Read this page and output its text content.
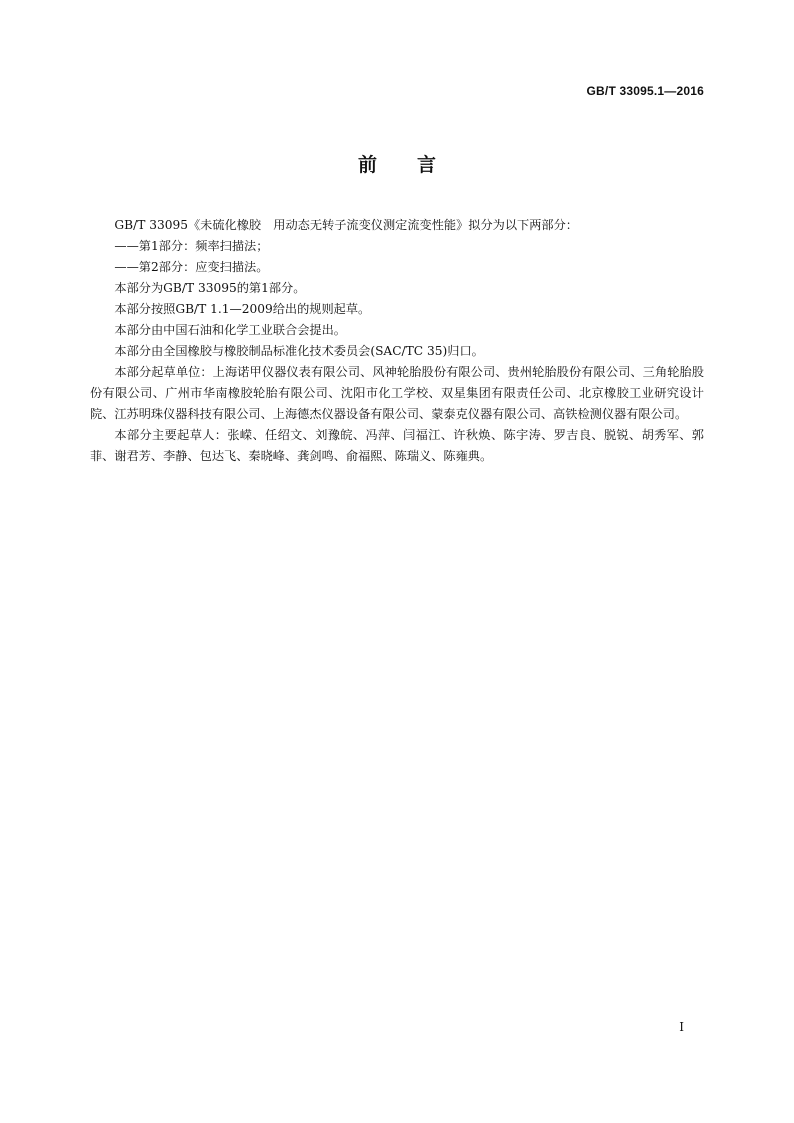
GB/T 33095.1—2016
前言

GB/T 33095《未硫化橡胶　用动态无转子流变仪测定流变性能》拟分为以下两部分：

——第1部分：频率扫描法；

——第2部分：应变扫描法。

本部分为GB/T 33095的第1部分。

本部分按照GB/T 1.1—2009给出的规则起草。

本部分由中国石油和化学工业联合会提出。

本部分由全国橡胶与橡胶制品标准化技术委员会(SAC/TC 35)归口。

本部分起草单位：上海诺甲仪器仪表有限公司、风神轮胎股份有限公司、贵州轮胎股份有限公司、三角轮胎股份有限公司、广州市华南橡胶轮胎有限公司、沈阳市化工学校、双星集团有限责任公司、北京橡胶工业研究设计院、江苏明珠仪器科技有限公司、上海德杰仪器设备有限公司、蒙泰克仪器有限公司、高铁检测仪器有限公司。

本部分主要起草人：张嵘、任绍文、刘豫皖、冯萍、闫福江、许秋焕、陈宇涛、罗吉良、脱锐、胡秀军、郭菲、谢君芳、李静、包达飞、秦晓峰、龚剑鸣、俞福熙、陈瑞义、陈雍典。

I
